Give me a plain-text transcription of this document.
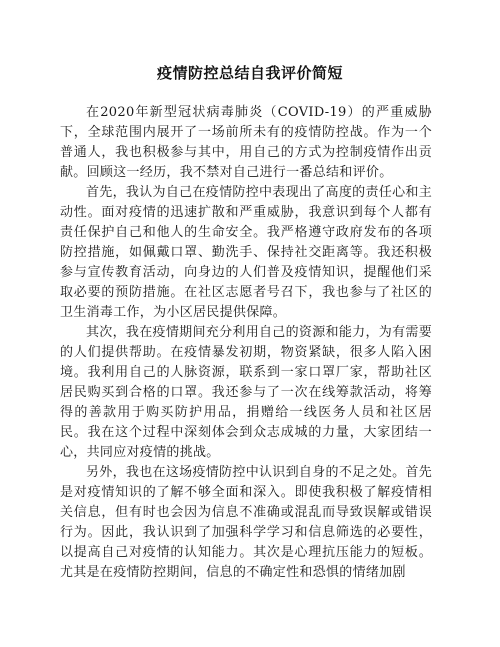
疫情防控总结自我评价简短

在2020年新型冠状病毒肺炎（COVID-19）的严重威胁下，全球范围内展开了一场前所未有的疫情防控战。作为一个普通人，我也积极参与其中，用自己的方式为控制疫情作出贡献。回顾这一经历，我不禁对自己进行一番总结和评价。

首先，我认为自己在疫情防控中表现出了高度的责任心和主动性。面对疫情的迅速扩散和严重威胁，我意识到每个人都有责任保护自己和他人的生命安全。我严格遵守政府发布的各项防控措施，如佩戴口罩、勤洗手、保持社交距离等。我还积极参与宣传教育活动，向身边的人们普及疫情知识，提醒他们采取必要的预防措施。在社区志愿者号召下，我也参与了社区的卫生消毒工作，为小区居民提供保障。

其次，我在疫情期间充分利用自己的资源和能力，为有需要的人们提供帮助。在疫情暴发初期，物资紧缺，很多人陷入困境。我利用自己的人脉资源，联系到一家口罩厂家，帮助社区居民购买到合格的口罩。我还参与了一次在线筹款活动，将筹得的善款用于购买防护用品，捐赠给一线医务人员和社区居民。我在这个过程中深刻体会到众志成城的力量，大家团结一心，共同应对疫情的挑战。

另外，我也在这场疫情防控中认识到自身的不足之处。首先是对疫情知识的了解不够全面和深入。即使我积极了解疫情相关信息，但有时也会因为信息不准确或混乱而导致误解或错误行为。因此，我认识到了加强科学学习和信息筛选的必要性，以提高自己对疫情的认知能力。其次是心理抗压能力的短板。尤其是在疫情防控期间，信息的不确定性和恐惧的情绪加剧
